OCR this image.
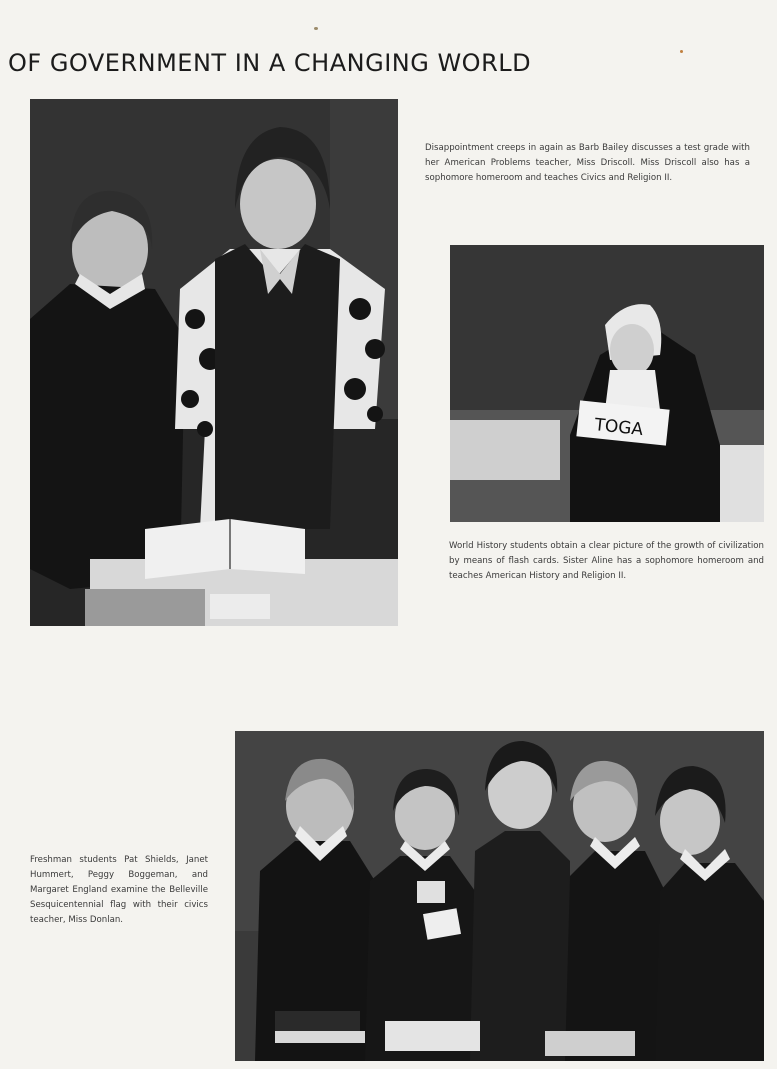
OF GOVERNMENT IN A CHANGING WORLD
Disappointment creeps in again as Barb Bailey discusses a test grade with her American Problems teacher, Miss Driscoll. Miss Driscoll also has a sophomore homeroom and teaches Civics and Religion II.
TOGA
World History students obtain a clear picture of the growth of civilization by means of flash cards. Sister Aline has a sophomore homeroom and teaches American History and Religion II.
Freshman students Pat Shields, Janet Hummert, Peggy Boggeman, and Margaret England examine the Belleville Sesquicentennial flag with their civics teacher, Miss Donlan.
